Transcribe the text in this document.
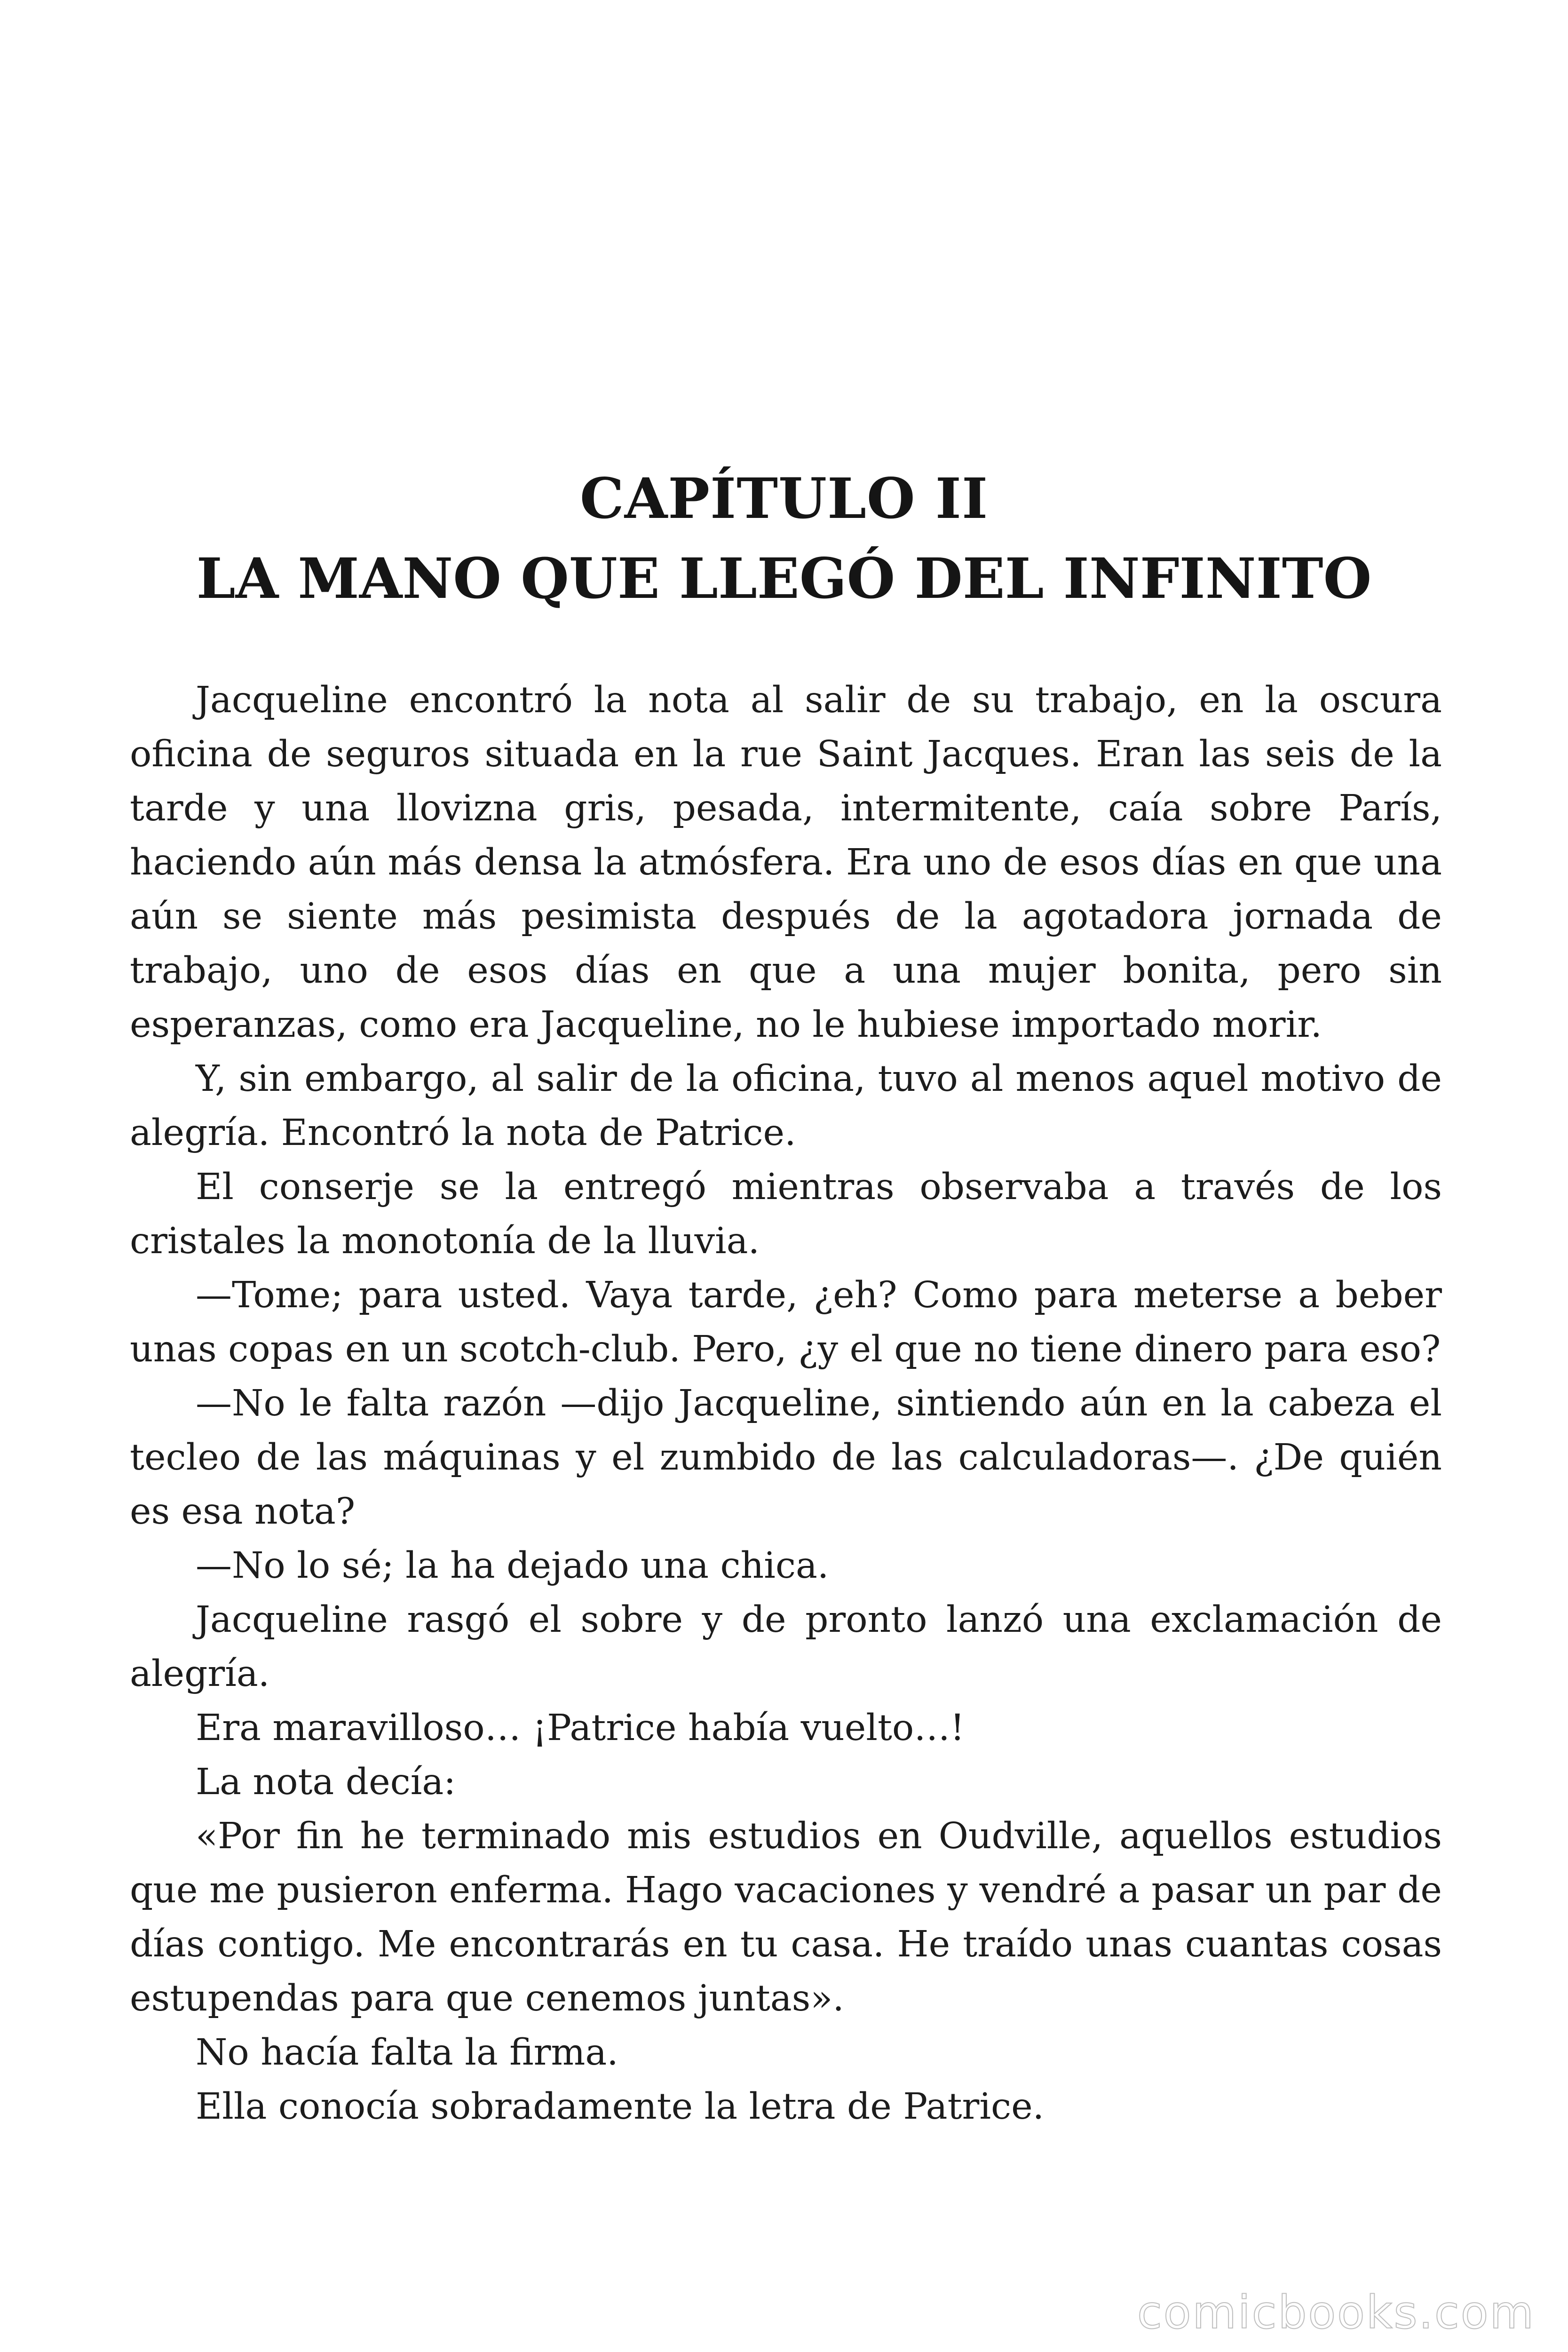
CAPÍTULO II
LA MANO QUE LLEGÓ DEL INFINITO

Jacqueline encontró la nota al salir de su trabajo, en la oscura oficina de seguros situada en la rue Saint Jacques. Eran las seis de la tarde y una llovizna gris, pesada, intermitente, caía sobre París, haciendo aún más densa la atmósfera. Era uno de esos días en que una aún se siente más pesimista después de la agotadora jornada de trabajo, uno de esos días en que a una mujer bonita, pero sin esperanzas, como era Jacqueline, no le hubiese importado morir.

Y, sin embargo, al salir de la oficina, tuvo al menos aquel motivo de alegría. Encontró la nota de Patrice.

El conserje se la entregó mientras observaba a través de los cristales la monotonía de la lluvia.

—Tome; para usted. Vaya tarde, ¿eh? Como para meterse a beber unas copas en un scotch-club. Pero, ¿y el que no tiene dinero para eso?

—No le falta razón —dijo Jacqueline, sintiendo aún en la cabeza el tecleo de las máquinas y el zumbido de las calculadoras—. ¿De quién es esa nota?

—No lo sé; la ha dejado una chica.

Jacqueline rasgó el sobre y de pronto lanzó una exclamación de alegría.

Era maravilloso… ¡Patrice había vuelto…!

La nota decía:

«Por fin he terminado mis estudios en Oudville, aquellos estudios que me pusieron enferma. Hago vacaciones y vendré a pasar un par de días contigo. Me encontrarás en tu casa. He traído unas cuantas cosas estupendas para que cenemos juntas».

No hacía falta la firma.

Ella conocía sobradamente la letra de Patrice.

comicbooks.com
